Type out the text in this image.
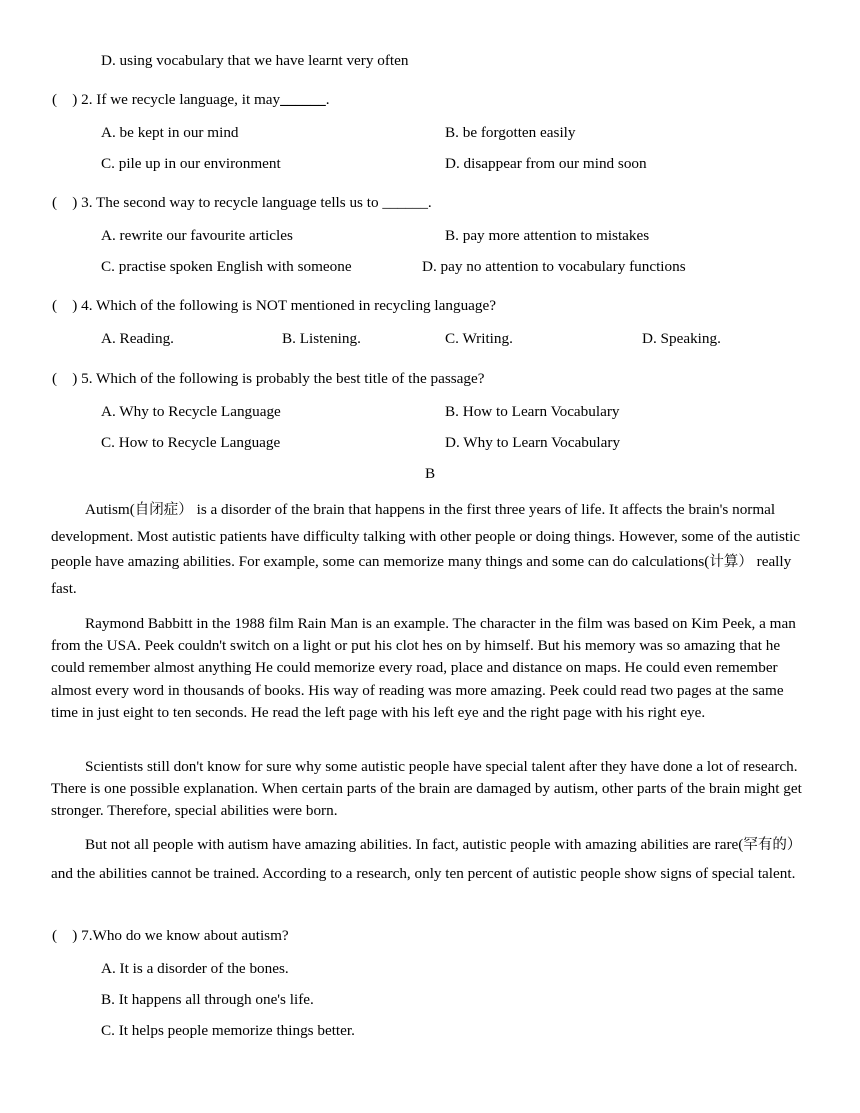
D. using vocabulary that we have learnt very often
(　) 2. If we recycle language, it may______.
A. be kept in our mind	B. be forgotten easily
C. pile up in our environment	D. disappear from our mind soon
(　) 3. The second way to recycle language tells us to ______.
A. rewrite our favourite articles	B. pay more attention to mistakes
C. practise spoken English with someone	D. pay no attention to vocabulary functions
(　) 4. Which of the following is NOT mentioned in recycling language?
A. Reading.	B. Listening.	C. Writing.	D. Speaking.
(　) 5. Which of the following is probably the best title of the passage?
A. Why to Recycle Language	B. How to Learn Vocabulary
C. How to Recycle Language	D. Why to Learn Vocabulary
B

Autism(自闭症） is a disorder of the brain that happens in the first three years of life. It affects the brain's normal development. Most autistic patients have difficulty talking with other people or doing things. However, some of the autistic people have amazing abilities. For example, some can memorize many things and some can do calculations(计算） really fast.

Raymond Babbitt in the 1988 film Rain Man is an example. The character in the film was based on Kim Peek, a man from the USA. Peek couldn't switch on a light or put his clot hes on by himself. But his memory was so amazing that he could remember almost anything He could memorize every road, place and distance on maps. He could even remember almost every word in thousands of books. His way of reading was more amazing. Peek could read two pages at the same time in just eight to ten seconds. He read the left page with his left eye and the right page with his right eye.

Scientists still don't know for sure why some autistic people have special talent after they have done a lot of research. There is one possible explanation. When certain parts of the brain are damaged by autism, other parts of the brain might get stronger. Therefore, special abilities were born.

But not all people with autism have amazing abilities. In fact, autistic people with amazing abilities are rare(罕有的） and the abilities cannot be trained. According to a research, only ten percent of autistic people show signs of special talent.

(　) 7.Who do we know about autism?
A. It is a disorder of the bones.
B. It happens all through one's life.
C. It helps people memorize things better.
